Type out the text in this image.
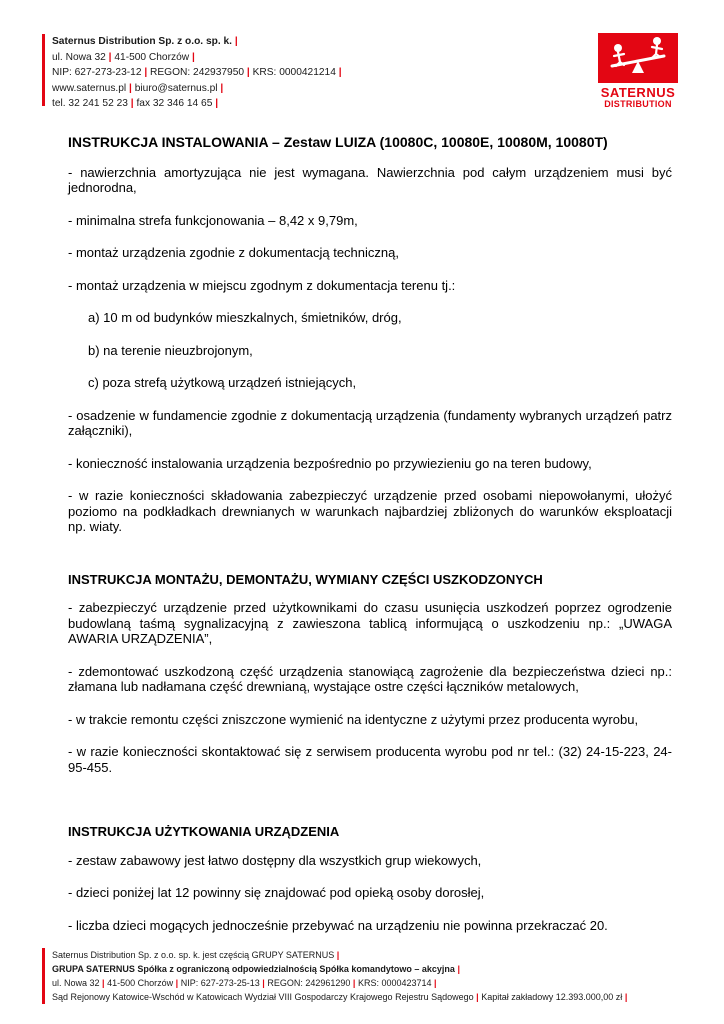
Saternus Distribution Sp. z o.o. sp. k. |
ul. Nowa 32 | 41-500 Chorzów |
NIP: 627-273-23-12 | REGON: 242937950 | KRS: 0000421214 |
www.saternus.pl | biuro@saternus.pl |
tel. 32 241 52 23 | fax 32 346 14 65 |
SATERNUS
DISTRIBUTION
INSTRUKCJA INSTALOWANIA – Zestaw LUIZA (10080C, 10080E, 10080M, 10080T)
- nawierzchnia amortyzująca nie jest wymagana. Nawierzchnia pod całym urządzeniem musi być jednorodna,
- minimalna strefa funkcjonowania – 8,42 x 9,79m,
- montaż urządzenia zgodnie z dokumentacją techniczną,
- montaż urządzenia w miejscu zgodnym z dokumentacja terenu tj.:
a) 10 m od budynków mieszkalnych, śmietników, dróg,
b) na terenie nieuzbrojonym,
c) poza strefą użytkową urządzeń istniejących,
- osadzenie w fundamencie zgodnie z dokumentacją urządzenia (fundamenty wybranych urządzeń patrz załączniki),
- konieczność instalowania urządzenia bezpośrednio po przywiezieniu go na teren budowy,
- w razie konieczności składowania zabezpieczyć urządzenie przed osobami niepowołanymi, ułożyć poziomo na podkładkach drewnianych w warunkach najbardziej zbliżonych do warunków eksploatacji np. wiaty.
INSTRUKCJA MONTAŻU, DEMONTAŻU, WYMIANY CZĘŚCI USZKODZONYCH
- zabezpieczyć urządzenie przed użytkownikami do czasu usunięcia uszkodzeń poprzez ogrodzenie budowlaną taśmą sygnalizacyjną z zawieszona tablicą informującą o uszkodzeniu np.: „UWAGA AWARIA URZĄDZENIA”,
- zdemontować uszkodzoną część urządzenia stanowiącą zagrożenie dla bezpieczeństwa dzieci np.: złamana lub nadłamana część drewnianą, wystające ostre części łączników metalowych,
- w trakcie remontu części zniszczone wymienić na identyczne z użytymi przez producenta wyrobu,
- w razie konieczności skontaktować się z serwisem producenta wyrobu pod nr tel.: (32) 24-15-223, 24-95-455.
INSTRUKCJA UŻYTKOWANIA URZĄDZENIA
- zestaw zabawowy jest łatwo dostępny dla wszystkich grup wiekowych,
- dzieci poniżej lat 12 powinny się znajdować pod opieką osoby dorosłej,
- liczba dzieci mogących jednocześnie przebywać na urządzeniu nie powinna przekraczać 20.
Saternus Distribution Sp. z o.o. sp. k. jest częścią GRUPY SATERNUS |
GRUPA SATERNUS Spółka z ograniczoną odpowiedzialnością Spółka komandytowo – akcyjna |
ul. Nowa 32 | 41-500 Chorzów | NIP: 627-273-25-13 | REGON: 242961290 | KRS: 0000423714 |
Sąd Rejonowy Katowice-Wschód w Katowicach Wydział VIII Gospodarczy Krajowego Rejestru Sądowego | Kapitał zakładowy 12.393.000,00 zł |
